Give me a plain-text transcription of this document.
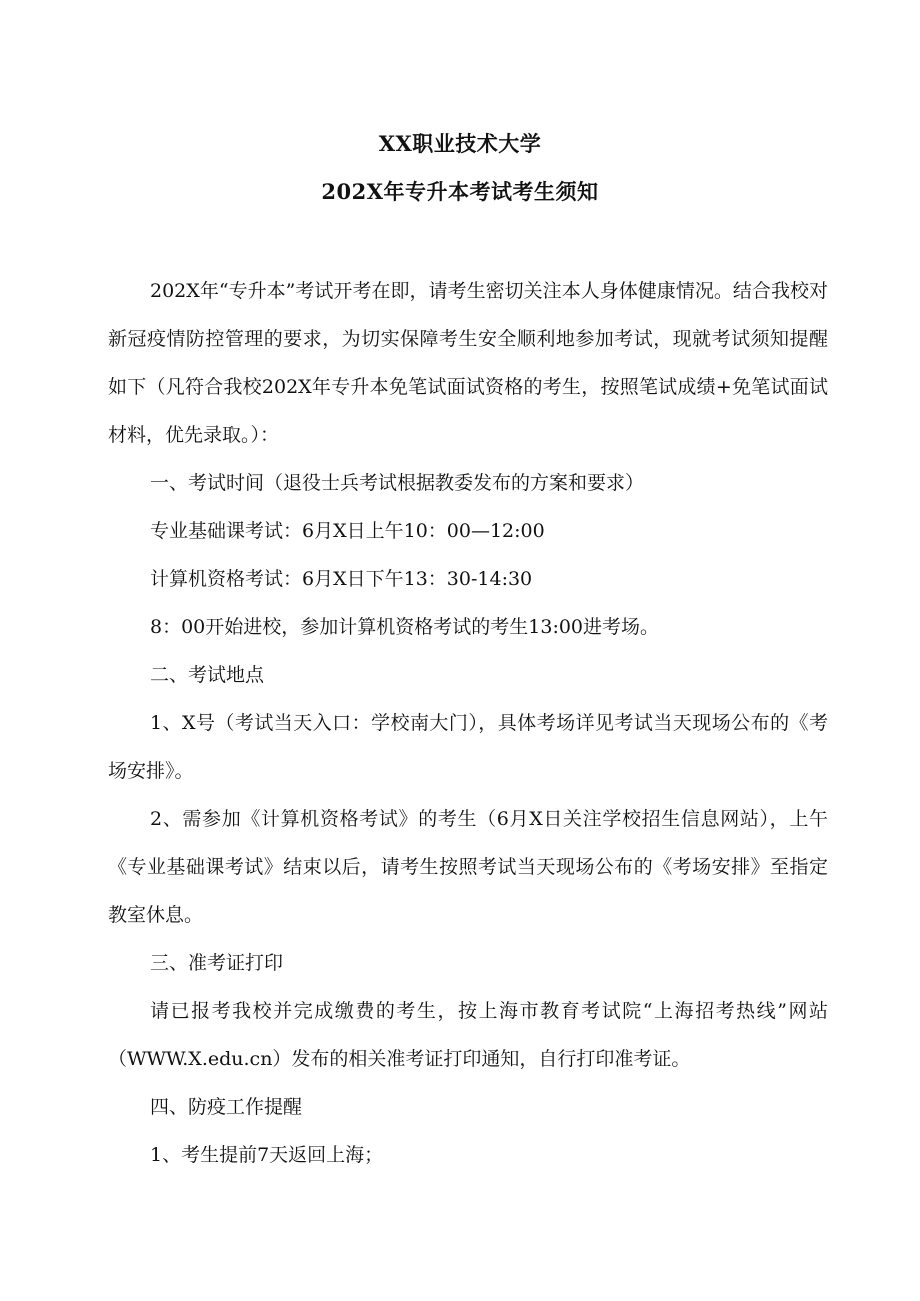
XX职业技术大学
202X年专升本考试考生须知

202X年“专升本”考试开考在即，请考生密切关注本人身体健康情况。结合我校对新冠疫情防控管理的要求，为切实保障考生安全顺利地参加考试，现就考试须知提醒如下（凡符合我校202X年专升本免笔试面试资格的考生，按照笔试成绩+免笔试面试材料，优先录取。）：

一、考试时间（退役士兵考试根据教委发布的方案和要求）

专业基础课考试：6月X日上午10：00—12:00

计算机资格考试：6月X日下午13：30-14:30

8：00开始进校，参加计算机资格考试的考生13:00进考场。

二、考试地点

1、X号（考试当天入口：学校南大门），具体考场详见考试当天现场公布的《考场安排》。

2、需参加《计算机资格考试》的考生（6月X日关注学校招生信息网站），上午《专业基础课考试》结束以后，请考生按照考试当天现场公布的《考场安排》至指定教室休息。

三、准考证打印

请已报考我校并完成缴费的考生，按上海市教育考试院“上海招考热线”网站（WWW.X.edu.cn）发布的相关准考证打印通知，自行打印准考证。

四、防疫工作提醒

1、考生提前7天返回上海；
